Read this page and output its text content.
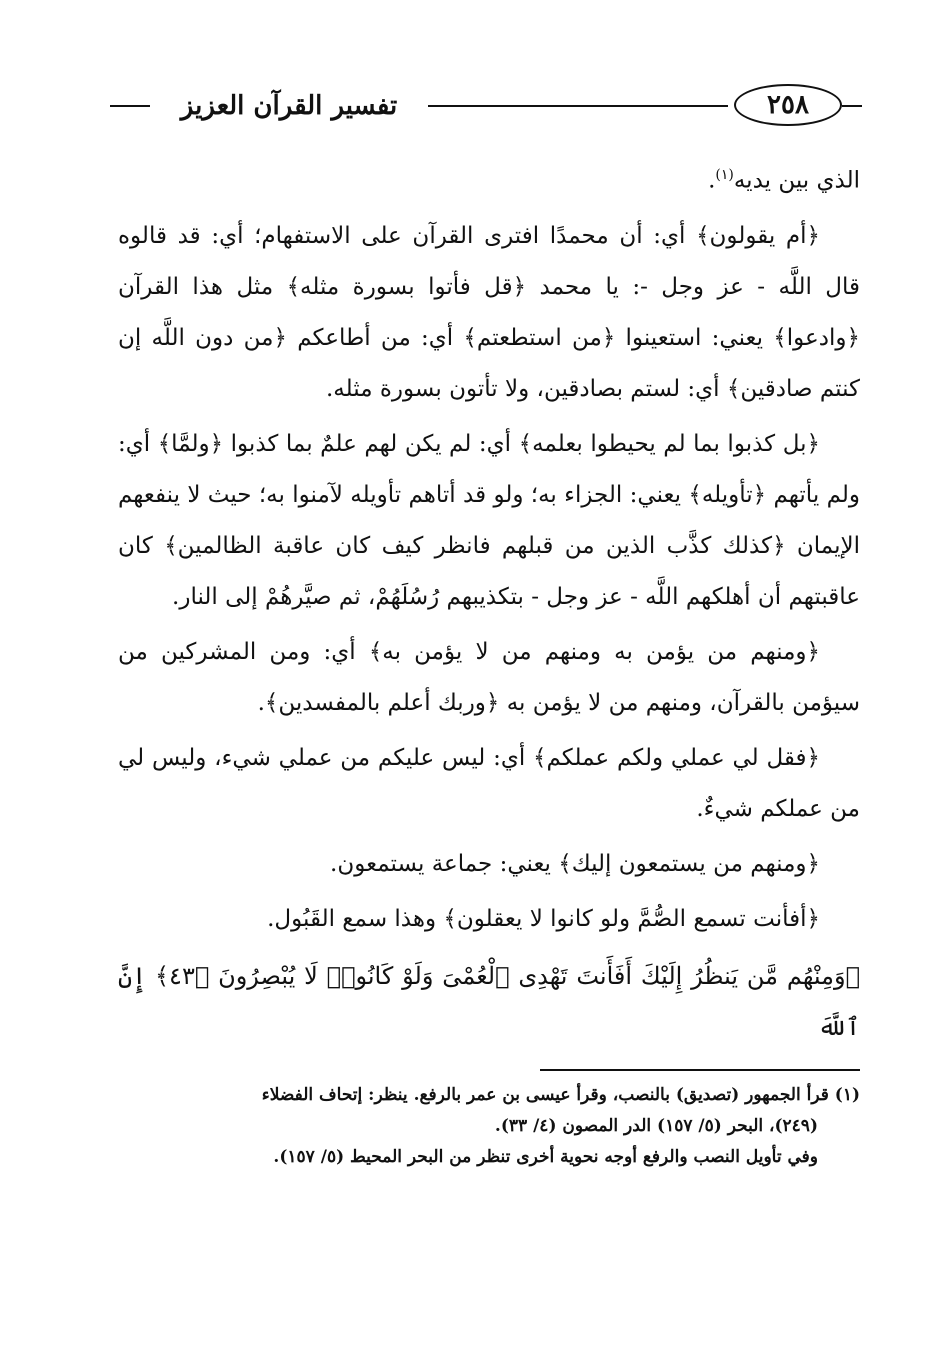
تفسير القرآن العزيز	٢٥٨

الذي بين يديه$^{(١)}$.

﴿أم يقولون﴾ أي: أن محمدًا افترى القرآن على الاستفهام؛ أي: قد قالوه قال اللَّه - عز وجل -: يا محمد ﴿قل فأتوا بسورة مثله﴾ مثل هذا القرآن ﴿وادعوا﴾ يعني: استعينوا ﴿من استطعتم﴾ أي: من أطاعكم ﴿من دون اللَّه إن كنتم صادقين﴾ أي: لستم بصادقين، ولا تأتون بسورة مثله.

﴿بل كذبوا بما لم يحيطوا بعلمه﴾ أي: لم يكن لهم علمٌ بما كذبوا ﴿ولمَّا﴾ أي: ولم يأتهم ﴿تأويله﴾ يعني: الجزاء به؛ ولو قد أتاهم تأويله لآمنوا به؛ حيث لا ينفعهم الإيمان ﴿كذلك كذَّب الذين من قبلهم فانظر كيف كان عاقبة الظالمين﴾ كان عاقبتهم أن أهلكهم اللَّه - عز وجل - بتكذيبهم رُسُلَهُمْ، ثم صيَّرهُمْ إلى النار.

﴿ومنهم من يؤمن به ومنهم من لا يؤمن به﴾ أي: ومن المشركين من سيؤمن بالقرآن، ومنهم من لا يؤمن به ﴿وربك أعلم بالمفسدين﴾.

﴿فقل لي عملي ولكم عملكم﴾ أي: ليس عليكم من عملي شيء، وليس لي من عملكم شيءٌ.

﴿ومنهم من يستمعون إليك﴾ يعني: جماعة يستمعون.

﴿أفأنت تسمع الصُّمَّ ولو كانوا لا يعقلون﴾ وهذا سمع القَبُول.

﴿وَمِنْهُم مَّن يَنظُرُ إِلَيْكَ أَفَأَنتَ تَهْدِى ٱلْعُمْىَ وَلَوْ كَانُوا۟ لَا يُبْصِرُونَ ﴿٤٣﴾ إِنَّ ٱللَّهَ

(١) قرأ الجمهور (تصديق) بالنصب، وقرأ عيسى بن عمر بالرفع. ينظر: إتحاف الفضلاء

(٢٤٩)، البحر (٥/ ١٥٧) الدر المصون (٤/ ٣٣).

وفي تأويل النصب والرفع أوجه نحوية أخرى تنظر من البحر المحيط (٥/ ١٥٧).
